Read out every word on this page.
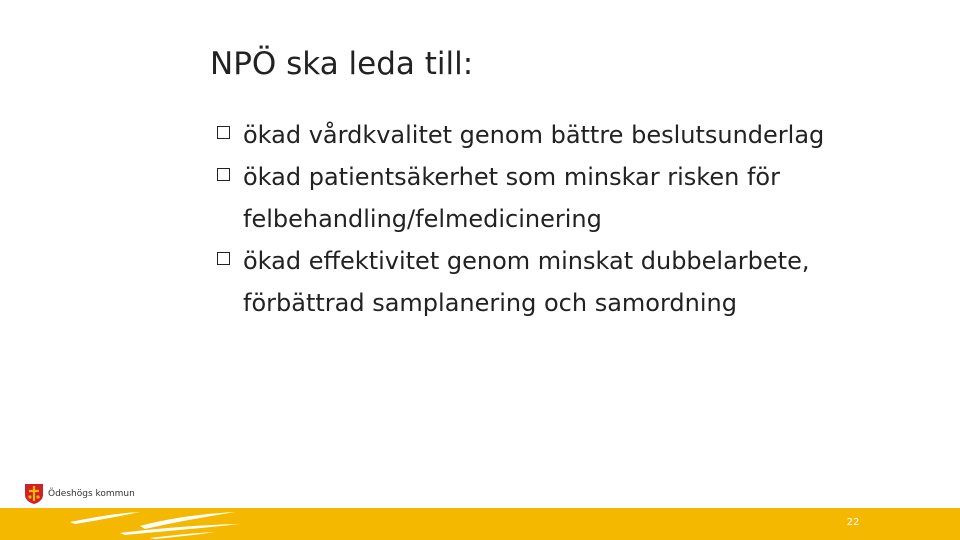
NPÖ ska leda till:
ökad vårdkvalitet genom bättre beslutsunderlag
ökad patientsäkerhet som minskar risken för felbehandling/felmedicinering
ökad effektivitet genom minskat dubbelarbete, förbättrad samplanering och samordning
Ödeshögs kommun
22
